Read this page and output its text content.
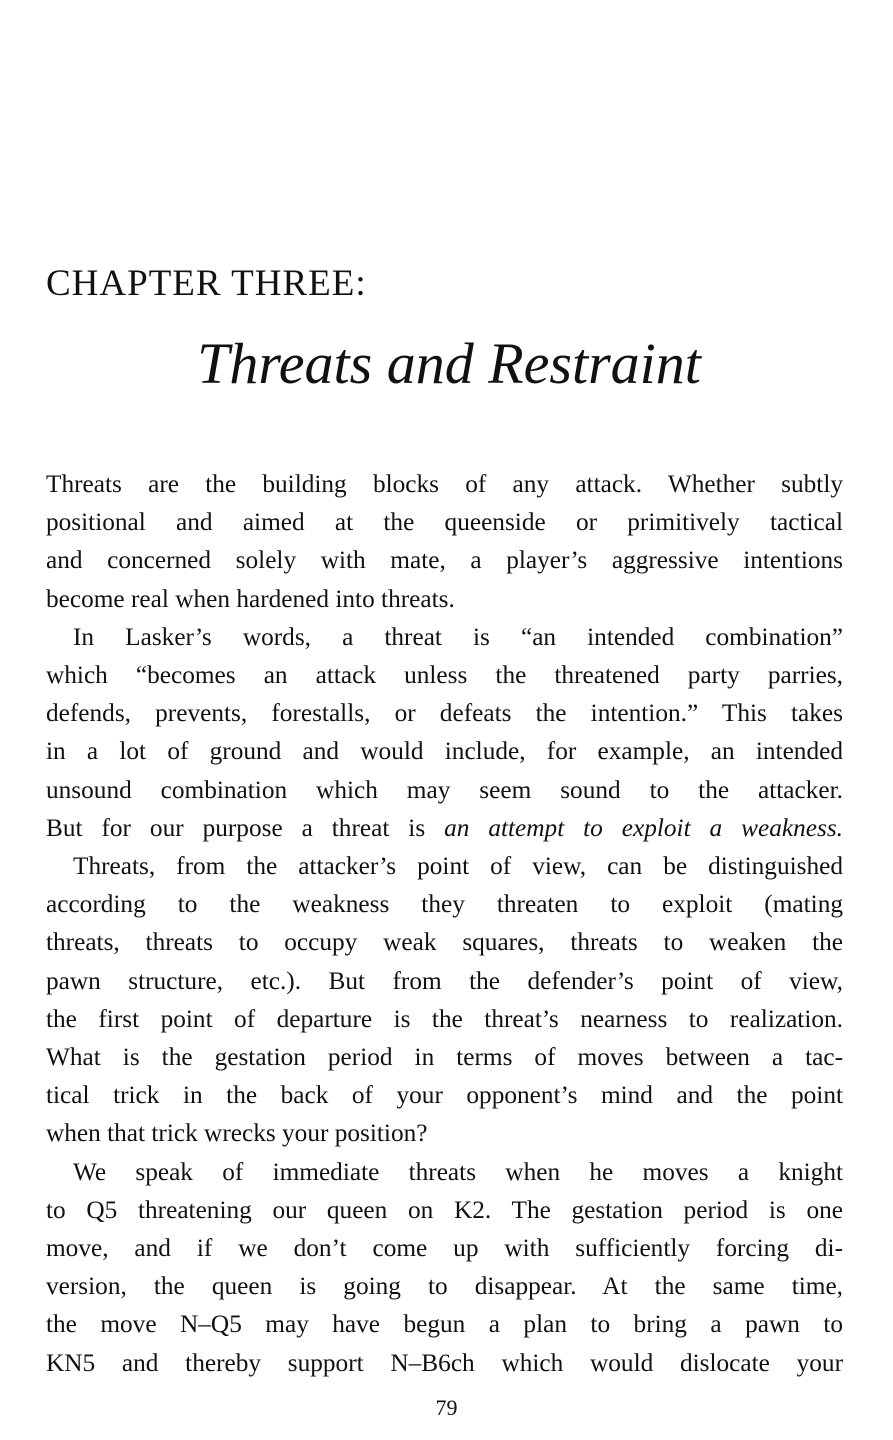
CHAPTER THREE:
Threats and Restraint

Threats are the building blocks of any attack. Whether subtly
positional and aimed at the queenside or primitively tactical
and concerned solely with mate, a player’s aggressive intentions
become real when hardened into threats.

In Lasker’s words, a threat is “an intended combination”
which “becomes an attack unless the threatened party parries,
defends, prevents, forestalls, or defeats the intention.” This takes
in a lot of ground and would include, for example, an intended
unsound combination which may seem sound to the attacker.
But for our purpose a threat is an attempt to exploit a weakness.

Threats, from the attacker’s point of view, can be distinguished
according to the weakness they threaten to exploit (mating
threats, threats to occupy weak squares, threats to weaken the
pawn structure, etc.). But from the defender’s point of view,
the first point of departure is the threat’s nearness to realization.
What is the gestation period in terms of moves between a tac-
tical trick in the back of your opponent’s mind and the point
when that trick wrecks your position?

We speak of immediate threats when he moves a knight
to Q5 threatening our queen on K2. The gestation period is one
move, and if we don’t come up with sufficiently forcing di-
version, the queen is going to disappear. At the same time,
the move N–Q5 may have begun a plan to bring a pawn to
KN5 and thereby support N–B6ch which would dislocate your

79
